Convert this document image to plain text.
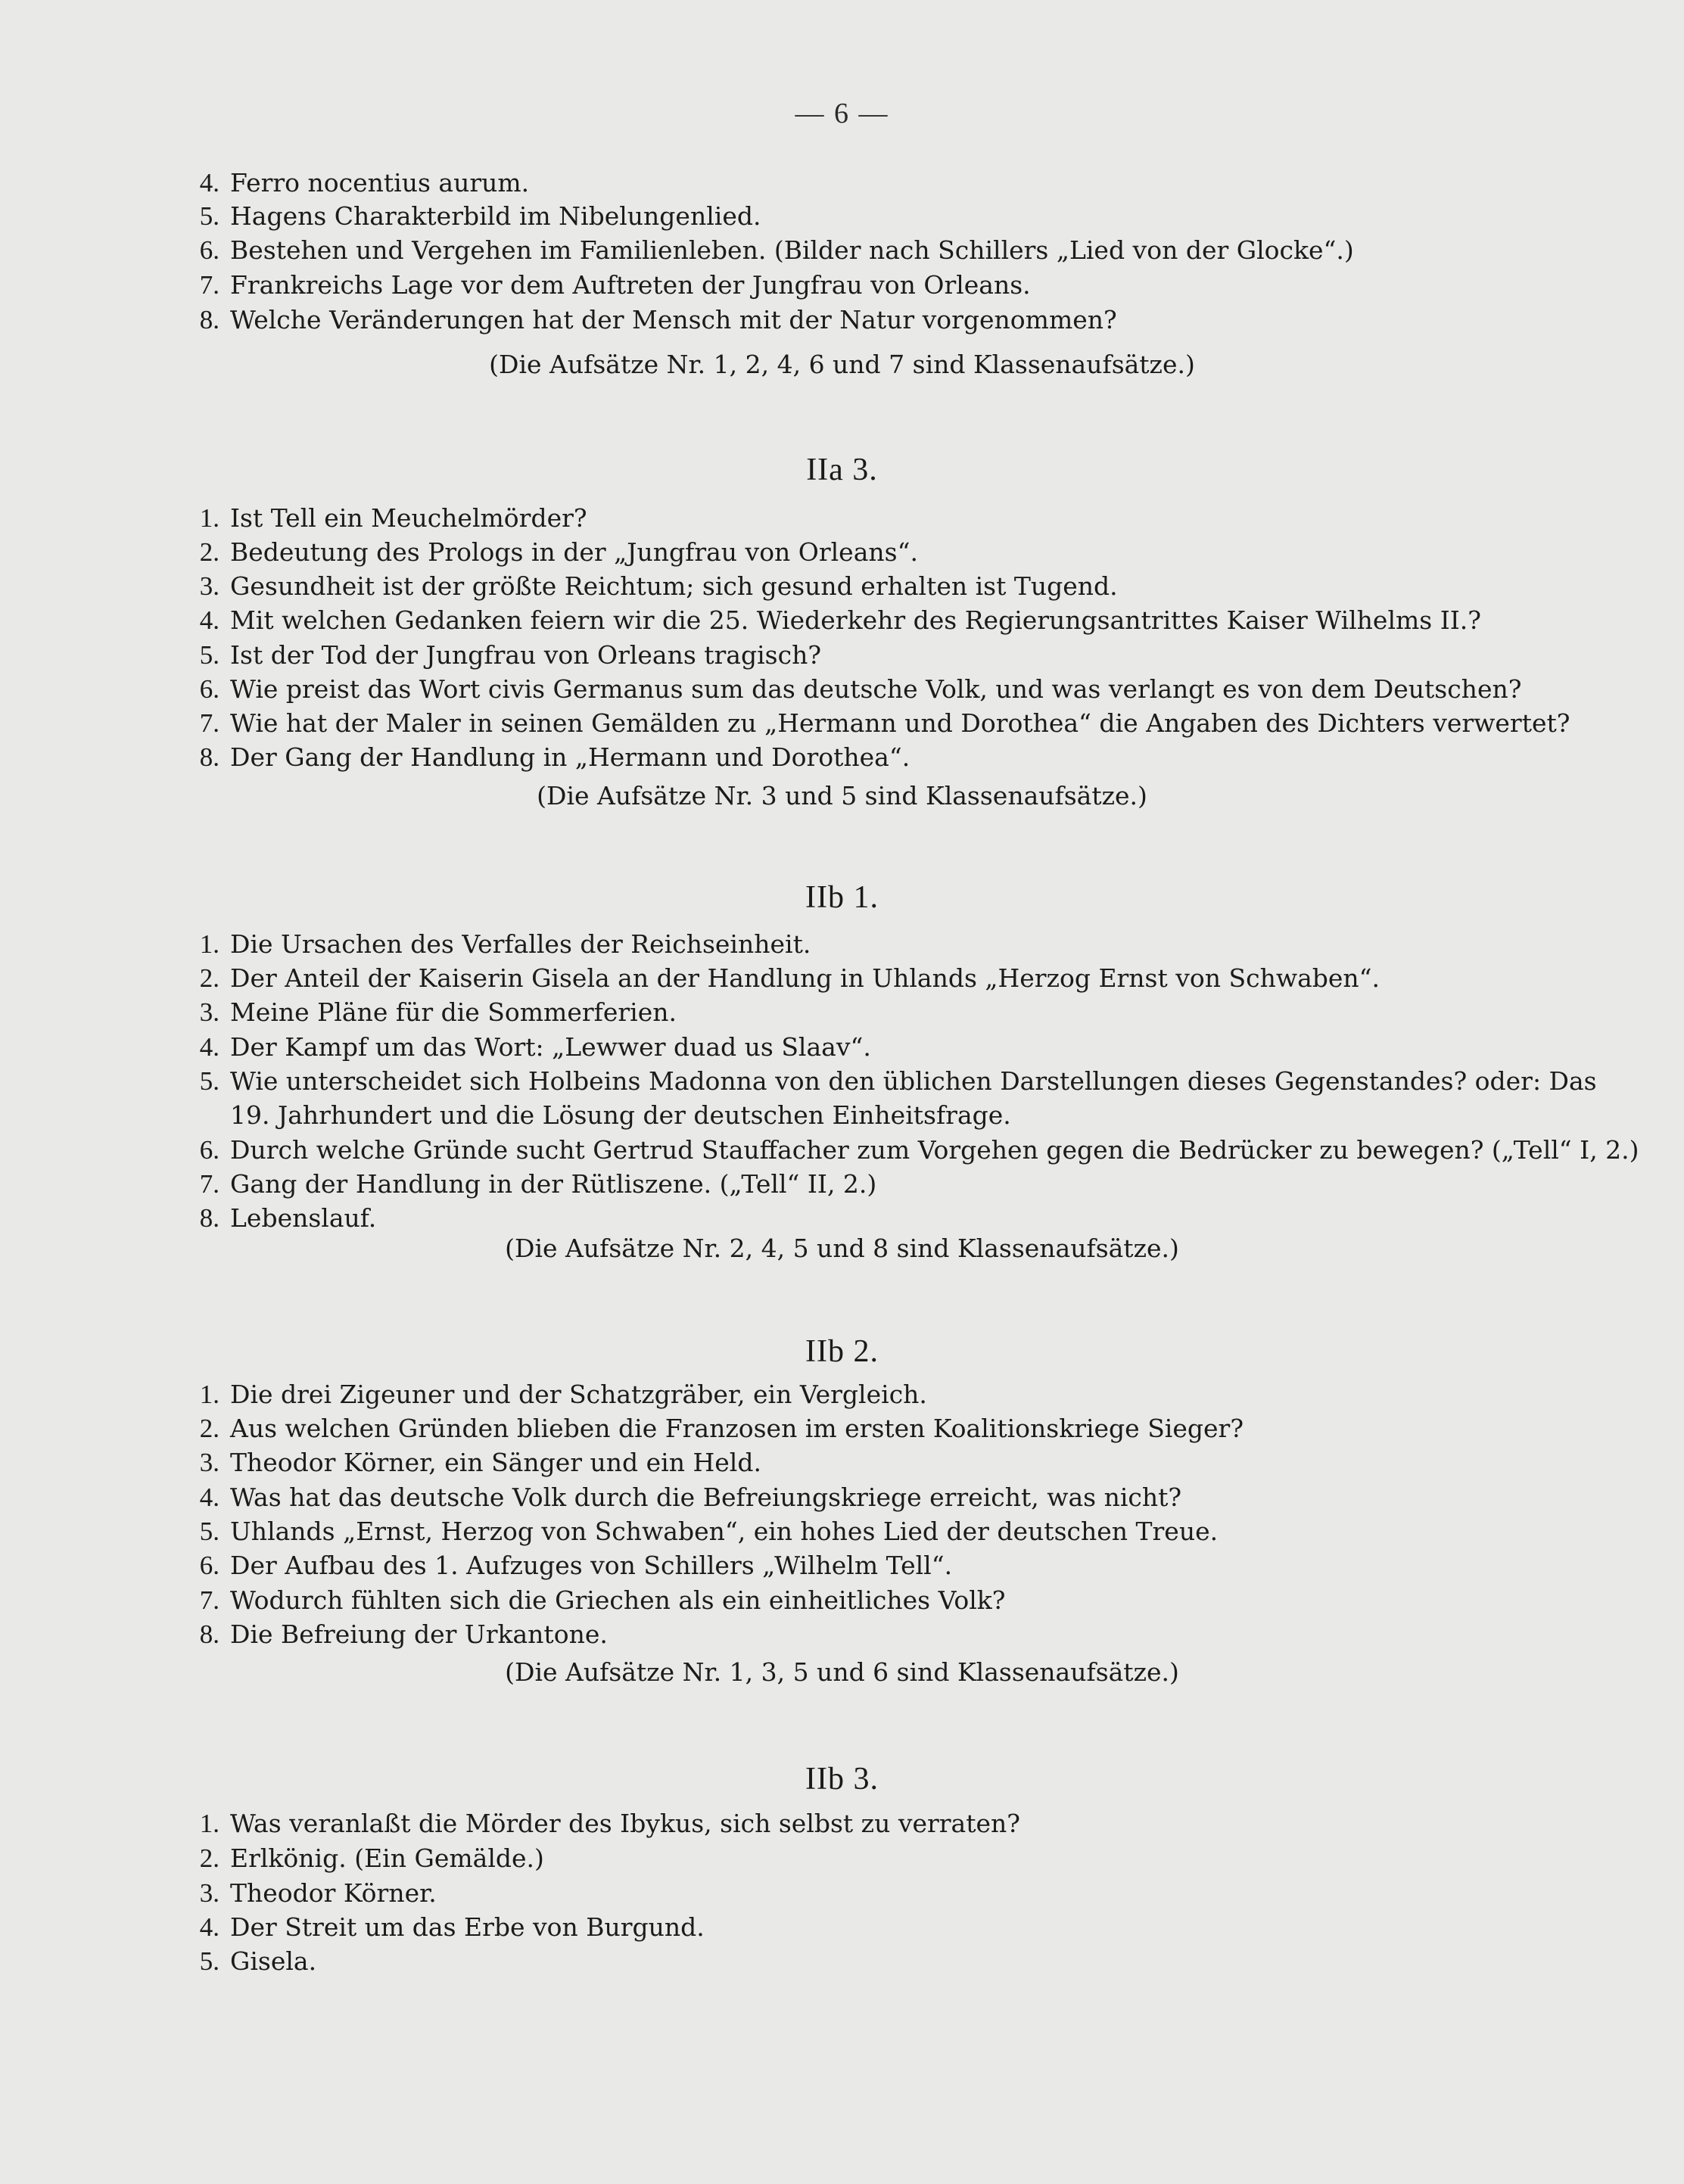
— 6 —
4. Ferro nocentius aurum.
5. Hagens Charakterbild im Nibelungenlied.
6. Bestehen und Vergehen im Familienleben. (Bilder nach Schillers „Lied von der Glocke“.)
7. Frankreichs Lage vor dem Auftreten der Jungfrau von Orleans.
8. Welche Veränderungen hat der Mensch mit der Natur vorgenommen?
(Die Aufsätze Nr. 1, 2, 4, 6 und 7 sind Klassenaufsätze.)
IIa 3.
1. Ist Tell ein Meuchelmörder?
2. Bedeutung des Prologs in der „Jungfrau von Orleans“.
3. Gesundheit ist der größte Reichtum; sich gesund erhalten ist Tugend.
4. Mit welchen Gedanken feiern wir die 25. Wiederkehr des Regierungsantrittes Kaiser Wilhelms II.?
5. Ist der Tod der Jungfrau von Orleans tragisch?
6. Wie preist das Wort civis Germanus sum das deutsche Volk, und was verlangt es von dem Deutschen?
7. Wie hat der Maler in seinen Gemälden zu „Hermann und Dorothea“ die Angaben des Dichters verwertet?
8. Der Gang der Handlung in „Hermann und Dorothea“.
(Die Aufsätze Nr. 3 und 5 sind Klassenaufsätze.)
IIb 1.
1. Die Ursachen des Verfalles der Reichseinheit.
2. Der Anteil der Kaiserin Gisela an der Handlung in Uhlands „Herzog Ernst von Schwaben“.
3. Meine Pläne für die Sommerferien.
4. Der Kampf um das Wort: „Lewwer duad us Slaav“.
5. Wie unterscheidet sich Holbeins Madonna von den üblichen Darstellungen dieses Gegenstandes? oder: Das
19. Jahrhundert und die Lösung der deutschen Einheitsfrage.
6. Durch welche Gründe sucht Gertrud Stauffacher zum Vorgehen gegen die Bedrücker zu bewegen? („Tell“ I, 2.)
7. Gang der Handlung in der Rütliszene. („Tell“ II, 2.)
8. Lebenslauf.
(Die Aufsätze Nr. 2, 4, 5 und 8 sind Klassenaufsätze.)
IIb 2.
1. Die drei Zigeuner und der Schatzgräber, ein Vergleich.
2. Aus welchen Gründen blieben die Franzosen im ersten Koalitionskriege Sieger?
3. Theodor Körner, ein Sänger und ein Held.
4. Was hat das deutsche Volk durch die Befreiungskriege erreicht, was nicht?
5. Uhlands „Ernst, Herzog von Schwaben“, ein hohes Lied der deutschen Treue.
6. Der Aufbau des 1. Aufzuges von Schillers „Wilhelm Tell“.
7. Wodurch fühlten sich die Griechen als ein einheitliches Volk?
8. Die Befreiung der Urkantone.
(Die Aufsätze Nr. 1, 3, 5 und 6 sind Klassenaufsätze.)
IIb 3.
1. Was veranlaßt die Mörder des Ibykus, sich selbst zu verraten?
2. Erlkönig. (Ein Gemälde.)
3. Theodor Körner.
4. Der Streit um das Erbe von Burgund.
5. Gisela.
